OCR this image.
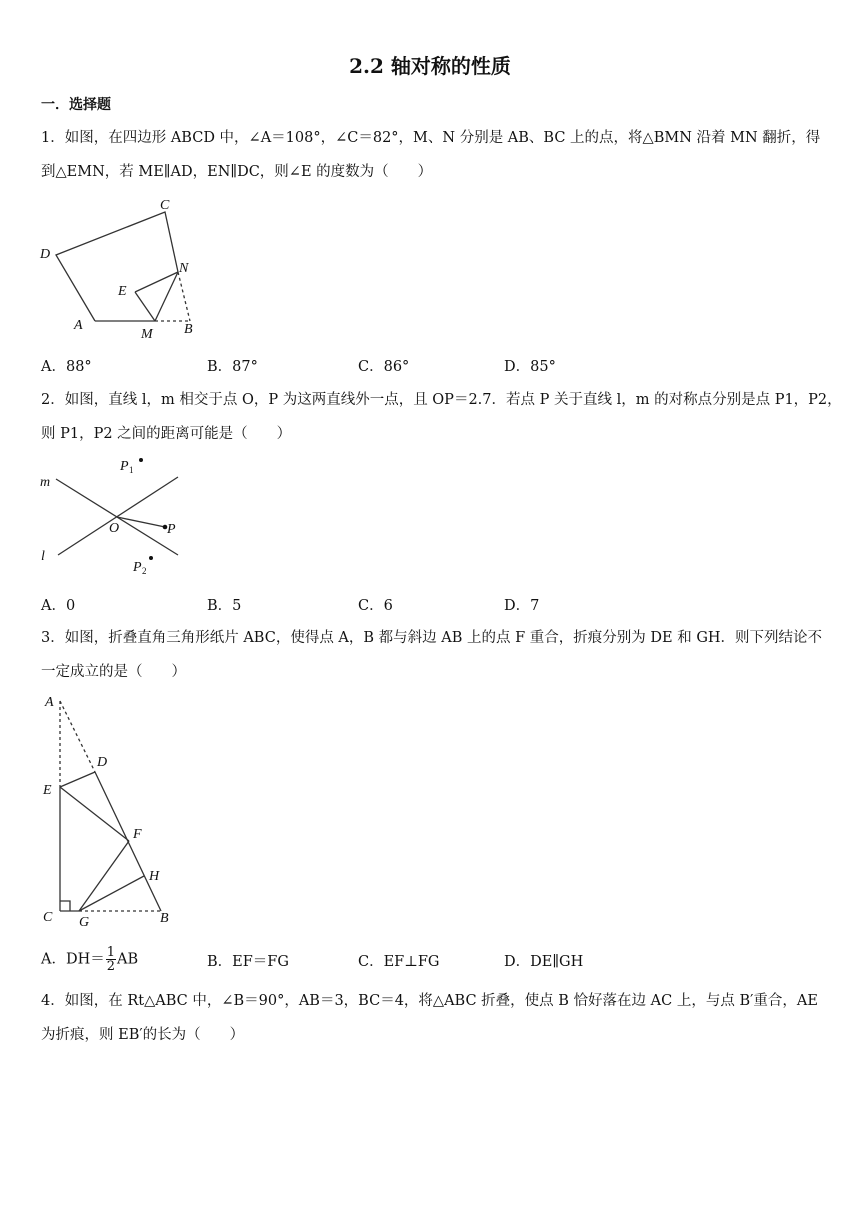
2.2 轴对称的性质
一．选择题
1．如图，在四边形 ABCD 中，∠A＝108°，∠C＝82°，M、N 分别是 AB、BC 上的点，将△BMN 沿着 MN 翻折，得
到△EMN，若 ME∥AD，EN∥DC，则∠E 的度数为（　　）
C
D
N
E
A
M B
A．88°	B．87°	C．86°	D．85°
2．如图，直线 l，m 相交于点 O，P 为这两直线外一点，且 OP＝2.7．若点 P 关于直线 l，m 的对称点分别是点 P1，P2，
则 P1，P2 之间的距离可能是（　　）
m
l
O	P
P 1
P 2
A．0	B．5	C．6	D．7
3．如图，折叠直角三角形纸片 ABC，使得点 A，B 都与斜边 AB 上的点 F 重合，折痕分别为 DE 和 GH．则下列结论不
一定成立的是（　　）
A
D
E
F
H
C G	B
A．$DH= \frac{1}{2}$ AB	B．EF＝FG	C．EF⊥FG	D．DE∥GH
4．如图，在 Rt△ABC 中，∠B＝90°，AB＝3，BC＝4，将△ABC 折叠，使点 B 恰好落在边 AC 上，与点 B′重合，AE
为折痕，则 EB′的长为（　　）
